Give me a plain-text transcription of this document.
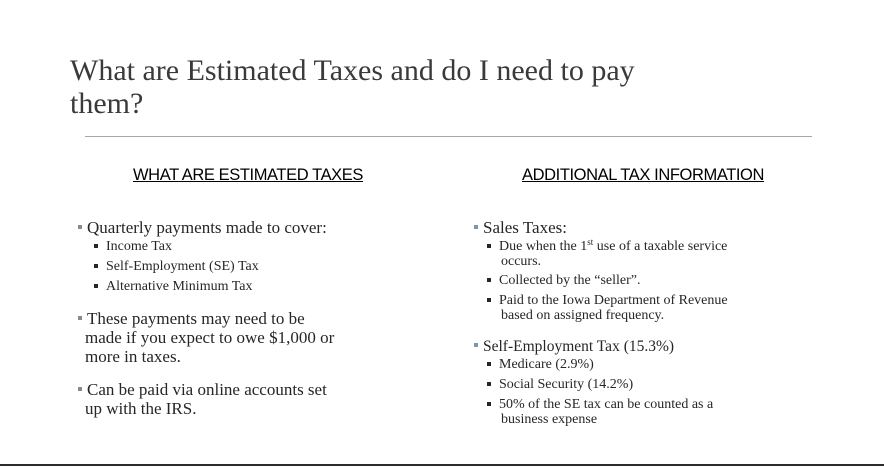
What are Estimated Taxes and do I need to pay
them?
WHAT ARE ESTIMATED TAXES
Quarterly payments made to cover:
Income Tax
Self-Employment (SE) Tax
Alternative Minimum Tax
These payments may need to be
made if you expect to owe $1,000 or
more in taxes.
Can be paid via online accounts set
up with the IRS.
ADDITIONAL TAX INFORMATION
Sales Taxes:
Due when the 1st use of a taxable service
occurs.
Collected by the “seller”.
Paid to the Iowa Department of Revenue
based on assigned frequency.
Self-Employment Tax (15.3%)
Medicare (2.9%)
Social Security (14.2%)
50% of the SE tax can be counted as a
business expense
